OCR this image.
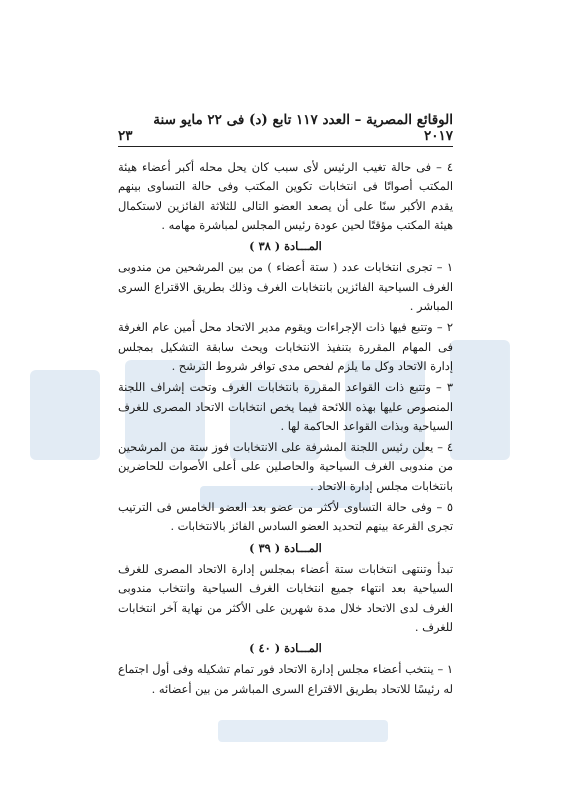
الوقائع المصرية – العدد ١١٧ تابع (د) فى ٢٢ مايو سنة ٢٠١٧
٢٣

٤ – فى حالة تغيب الرئيس لأى سبب كان يحل محله أكبر أعضاء هيئة المكتب أصواتًا فى انتخابات تكوين المكتب وفى حالة التساوى بينهم يقدم الأكبر سنًا على أن يصعد العضو التالى للثلاثة الفائزين لاستكمال هيئة المكتب مؤقتًا لحين عودة رئيس المجلس لمباشرة مهامه .

المـــادة ( ٣٨ )

١ – تجرى انتخابات عدد ( ستة أعضاء ) من بين المرشحين من مندوبى الغرف السياحية الفائزين بانتخابات الغرف وذلك بطريق الاقتراع السرى المباشر .

٢ – وتتبع فيها ذات الإجراءات ويقوم مدير الاتحاد محل أمين عام الغرفة فى المهام المقررة بتنفيذ الانتخابات ويحث سابقة التشكيل بمجلس إدارة الاتحاد وكل ما يلزم لفحص مدى توافر شروط الترشح .

٣ – وتتبع ذات القواعد المقررة بانتخابات الغرف وتحت إشراف اللجنة المنصوص عليها بهذه اللائحة فيما يخص انتخابات الاتحاد المصرى للغرف السياحية وبذات القواعد الحاكمة لها .

٤ – يعلن رئيس اللجنة المشرفة على الانتخابات فوز ستة من المرشحين من مندوبى الغرف السياحية والحاصلين على أعلى الأصوات للحاضرين بانتخابات مجلس إدارة الاتحاد .

٥ – وفى حالة التساوى لأكثر من عضو بعد العضو الخامس فى الترتيب تجرى القرعة بينهم لتحديد العضو السادس الفائز بالانتخابات .

المـــادة ( ٣٩ )

تبدأ وتنتهى انتخابات ستة أعضاء بمجلس إدارة الاتحاد المصرى للغرف السياحية بعد انتهاء جميع انتخابات الغرف السياحية وانتخاب مندوبى الغرف لدى الاتحاد خلال مدة شهرين على الأكثر من نهاية آخر انتخابات للغرف .

المـــادة ( ٤٠ )

١ – ينتخب أعضاء مجلس إدارة الاتحاد فور تمام تشكيله وفى أول اجتماع له رئيسًا للاتحاد بطريق الاقتراع السرى المباشر من بين أعضائه .
